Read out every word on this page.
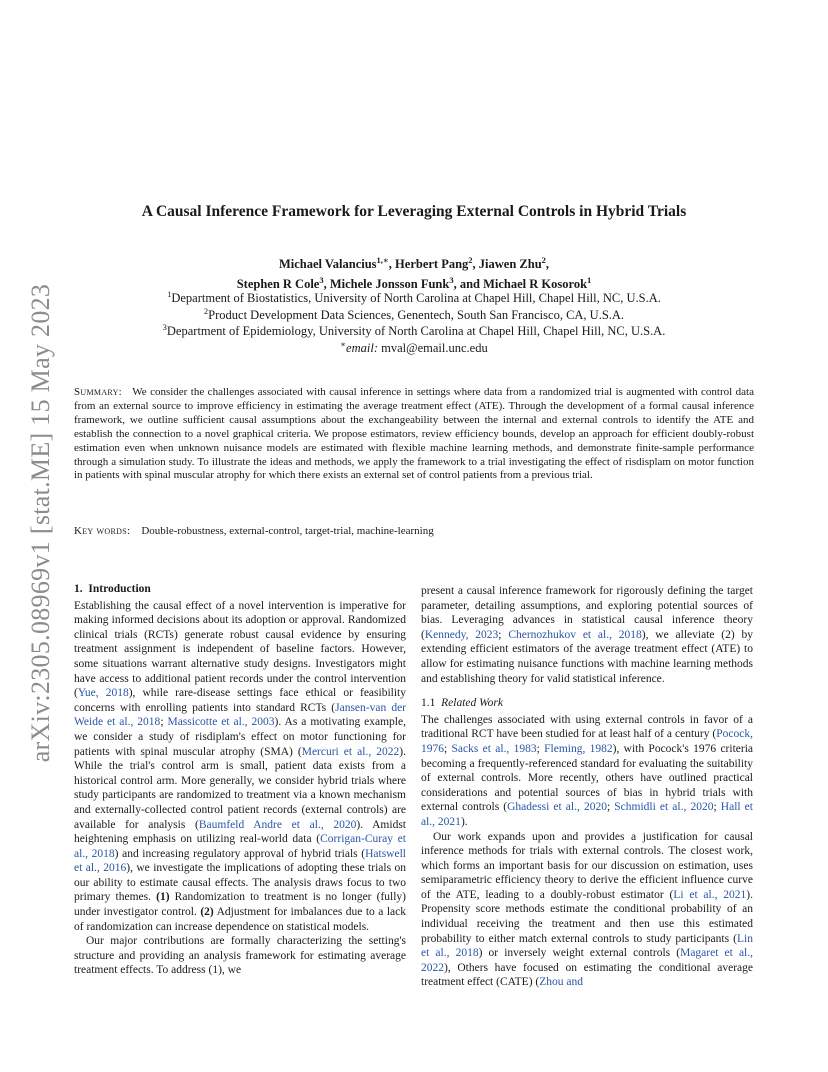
arXiv:2305.08969v1 [stat.ME] 15 May 2023
A Causal Inference Framework for Leveraging External Controls in Hybrid Trials
Michael Valancius$^{1,∗}$, Herbert Pang$^2$, Jiawen Zhu$^2$,
Stephen R Cole$^3$, Michele Jonsson Funk$^3$, and Michael R Kosorok$^1$
$^1$Department of Biostatistics, University of North Carolina at Chapel Hill, Chapel Hill, NC, U.S.A.
$^2$Product Development Data Sciences, Genentech, South San Francisco, CA, U.S.A.
$^3$Department of Epidemiology, University of North Carolina at Chapel Hill, Chapel Hill, NC, U.S.A.
∗email: mval@email.unc.edu
Summary: We consider the challenges associated with causal inference in settings where data from a randomized trial is augmented with control data from an external source to improve efficiency in estimating the average treatment effect (ATE). Through the development of a formal causal inference framework, we outline sufficient causal assumptions about the exchangeability between the internal and external controls to identify the ATE and establish the connection to a novel graphical criteria. We propose estimators, review efficiency bounds, develop an approach for efficient doubly-robust estimation even when unknown nuisance models are estimated with flexible machine learning methods, and demonstrate finite-sample performance through a simulation study. To illustrate the ideas and methods, we apply the framework to a trial investigating the effect of risdisplam on motor function in patients with spinal muscular atrophy for which there exists an external set of control patients from a previous trial.
Key words: Double-robustness, external-control, target-trial, machine-learning

1. Introduction

Establishing the causal effect of a novel intervention is imperative for making informed decisions about its adoption or approval. Randomized clinical trials (RCTs) generate robust causal evidence by ensuring treatment assignment is independent of baseline factors. However, some situations warrant alternative study designs. Investigators might have access to additional patient records under the control intervention (Yue, 2018), while rare-disease settings face ethical or feasibility concerns with enrolling patients into standard RCTs (Jansen-van der Weide et al., 2018; Massicotte et al., 2003). As a motivating example, we consider a study of risdiplam's effect on motor functioning for patients with spinal muscular atrophy (SMA) (Mercuri et al., 2022). While the trial's control arm is small, patient data exists from a historical control arm. More generally, we consider hybrid trials where study participants are randomized to treatment via a known mechanism and externally-collected control patient records (external controls) are available for analysis (Baumfeld Andre et al., 2020). Amidst heightening emphasis on utilizing real-world data (Corrigan-Curay et al., 2018) and increasing regulatory approval of hybrid trials (Hatswell et al., 2016), we investigate the implications of adopting these trials on our ability to estimate causal effects. The analysis draws focus to two primary themes. (1) Randomization to treatment is no longer (fully) under investigator control. (2) Adjustment for imbalances due to a lack of randomization can increase dependence on statistical models.

Our major contributions are formally characterizing the setting's structure and providing an analysis framework for estimating average treatment effects. To address (1), we

present a causal inference framework for rigorously defining the target parameter, detailing assumptions, and exploring potential sources of bias. Leveraging advances in statistical causal inference theory (Kennedy, 2023; Chernozhukov et al., 2018), we alleviate (2) by extending efficient estimators of the average treatment effect (ATE) to allow for estimating nuisance functions with machine learning methods and establishing theory for valid statistical inference.

1.1 Related Work

The challenges associated with using external controls in favor of a traditional RCT have been studied for at least half of a century (Pocock, 1976; Sacks et al., 1983; Fleming, 1982), with Pocock's 1976 criteria becoming a frequently-referenced standard for evaluating the suitability of external controls. More recently, others have outlined practical considerations and potential sources of bias in hybrid trials with external controls (Ghadessi et al., 2020; Schmidli et al., 2020; Hall et al., 2021).

Our work expands upon and provides a justification for causal inference methods for trials with external controls. The closest work, which forms an important basis for our discussion on estimation, uses semiparametric efficiency theory to derive the efficient influence curve of the ATE, leading to a doubly-robust estimator (Li et al., 2021). Propensity score methods estimate the conditional probability of an individual receiving the treatment and then use this estimated probability to either match external controls to study participants (Lin et al., 2018) or inversely weight external controls (Magaret et al., 2022), Others have focused on estimating the conditional average treatment effect (CATE) (Zhou and
